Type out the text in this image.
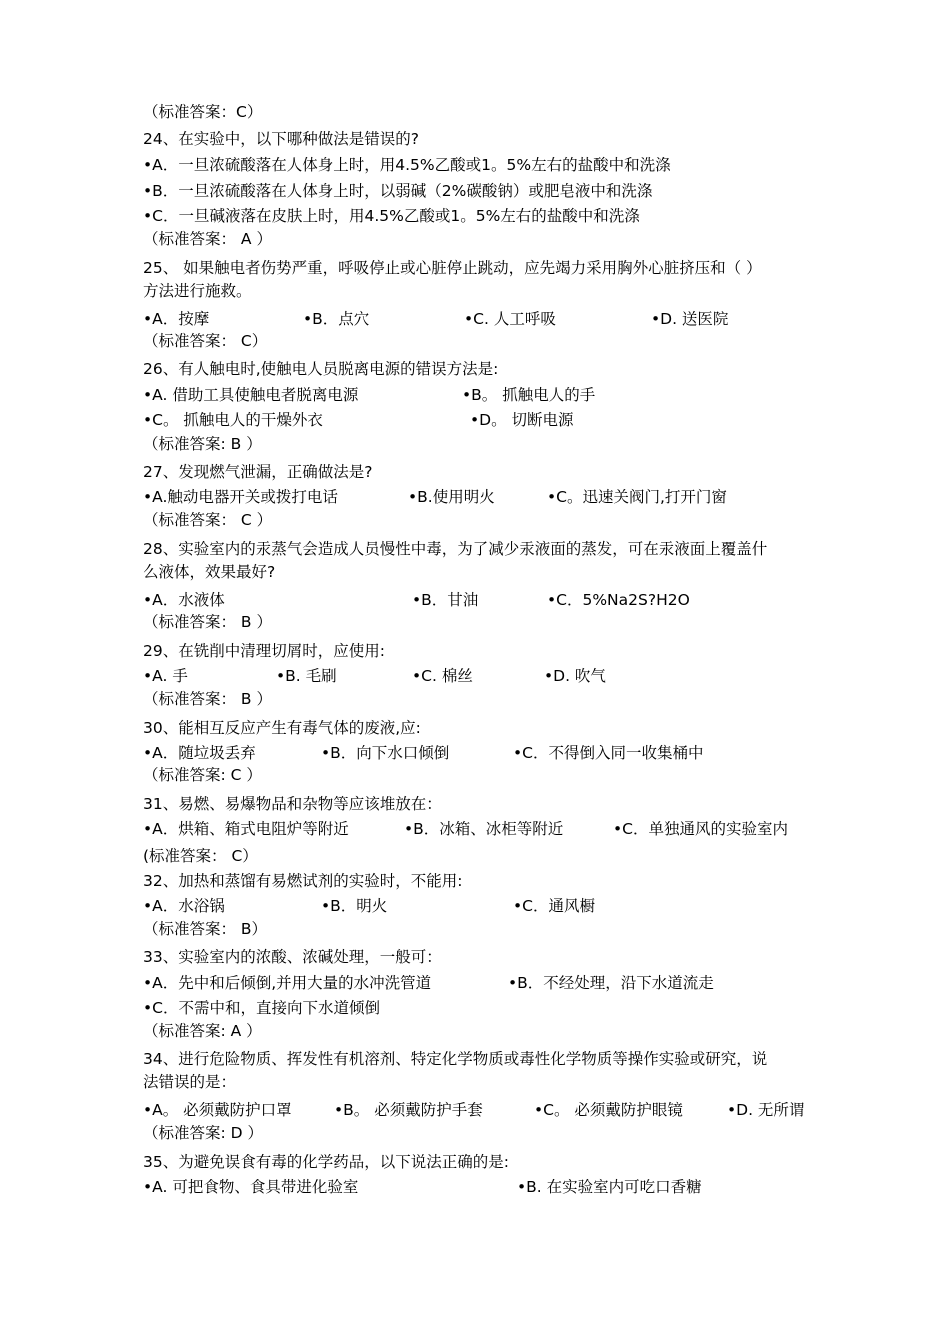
（标准答案：C）
24、在实验中，以下哪种做法是错误的?
•A．一旦浓硫酸落在人体身上时，用4.5%乙酸或1。5%左右的盐酸中和洗涤
•B．一旦浓硫酸落在人体身上时，以弱碱（2%碳酸钠）或肥皂液中和洗涤
•C．一旦碱液落在皮肤上时，用4.5%乙酸或1。5%左右的盐酸中和洗涤
（标准答案： A ）
25、 如果触电者伤势严重，呼吸停止或心脏停止跳动，应先竭力采用胸外心脏挤压和（ ）
方法进行施救。
•A．按摩	•B．点穴	•C. 人工呼吸	•D. 送医院
（标准答案： C）
26、有人触电时,使触电人员脱离电源的错误方法是:
•A. 借助工具使触电者脱离电源	•B。 抓触电人的手
•C。 抓触电人的干燥外衣	•D。 切断电源
（标准答案: B ）
27、发现燃气泄漏，正确做法是?
•A.触动电器开关或拨打电话	•B.使用明火	•C。迅速关阀门,打开门窗
（标准答案： C ）
28、实验室内的汞蒸气会造成人员慢性中毒，为了减少汞液面的蒸发，可在汞液面上覆盖什
么液体，效果最好?
•A．水液体	•B．甘油	•C．5%Na2S?H2O
（标准答案： B ）
29、在铣削中清理切屑时，应使用:
•A. 手	•B. 毛刷	•C. 棉丝	•D. 吹气
（标准答案： B ）
30、能相互反应产生有毒气体的废液,应:
•A．随垃圾丢弃	•B．向下水口倾倒	•C．不得倒入同一收集桶中
（标准答案: C ）
31、易燃、易爆物品和杂物等应该堆放在：
•A．烘箱、箱式电阻炉等附近	•B．冰箱、冰柜等附近	•C．单独通风的实验室内
(标准答案： C）
32、加热和蒸馏有易燃试剂的实验时，不能用:
•A．水浴锅	•B．明火	•C．通风橱
（标准答案： B）
33、实验室内的浓酸、浓碱处理，一般可：
•A．先中和后倾倒,并用大量的水冲洗管道	•B．不经处理，沿下水道流走
•C．不需中和，直接向下水道倾倒
（标准答案: A ）
34、进行危险物质、挥发性有机溶剂、特定化学物质或毒性化学物质等操作实验或研究，说
法错误的是：
•A。 必须戴防护口罩	•B。 必须戴防护手套	•C。 必须戴防护眼镜	•D. 无所谓
（标准答案: D ）
35、为避免误食有毒的化学药品，以下说法正确的是:
•A. 可把食物、食具带进化验室	•B. 在实验室内可吃口香糖
